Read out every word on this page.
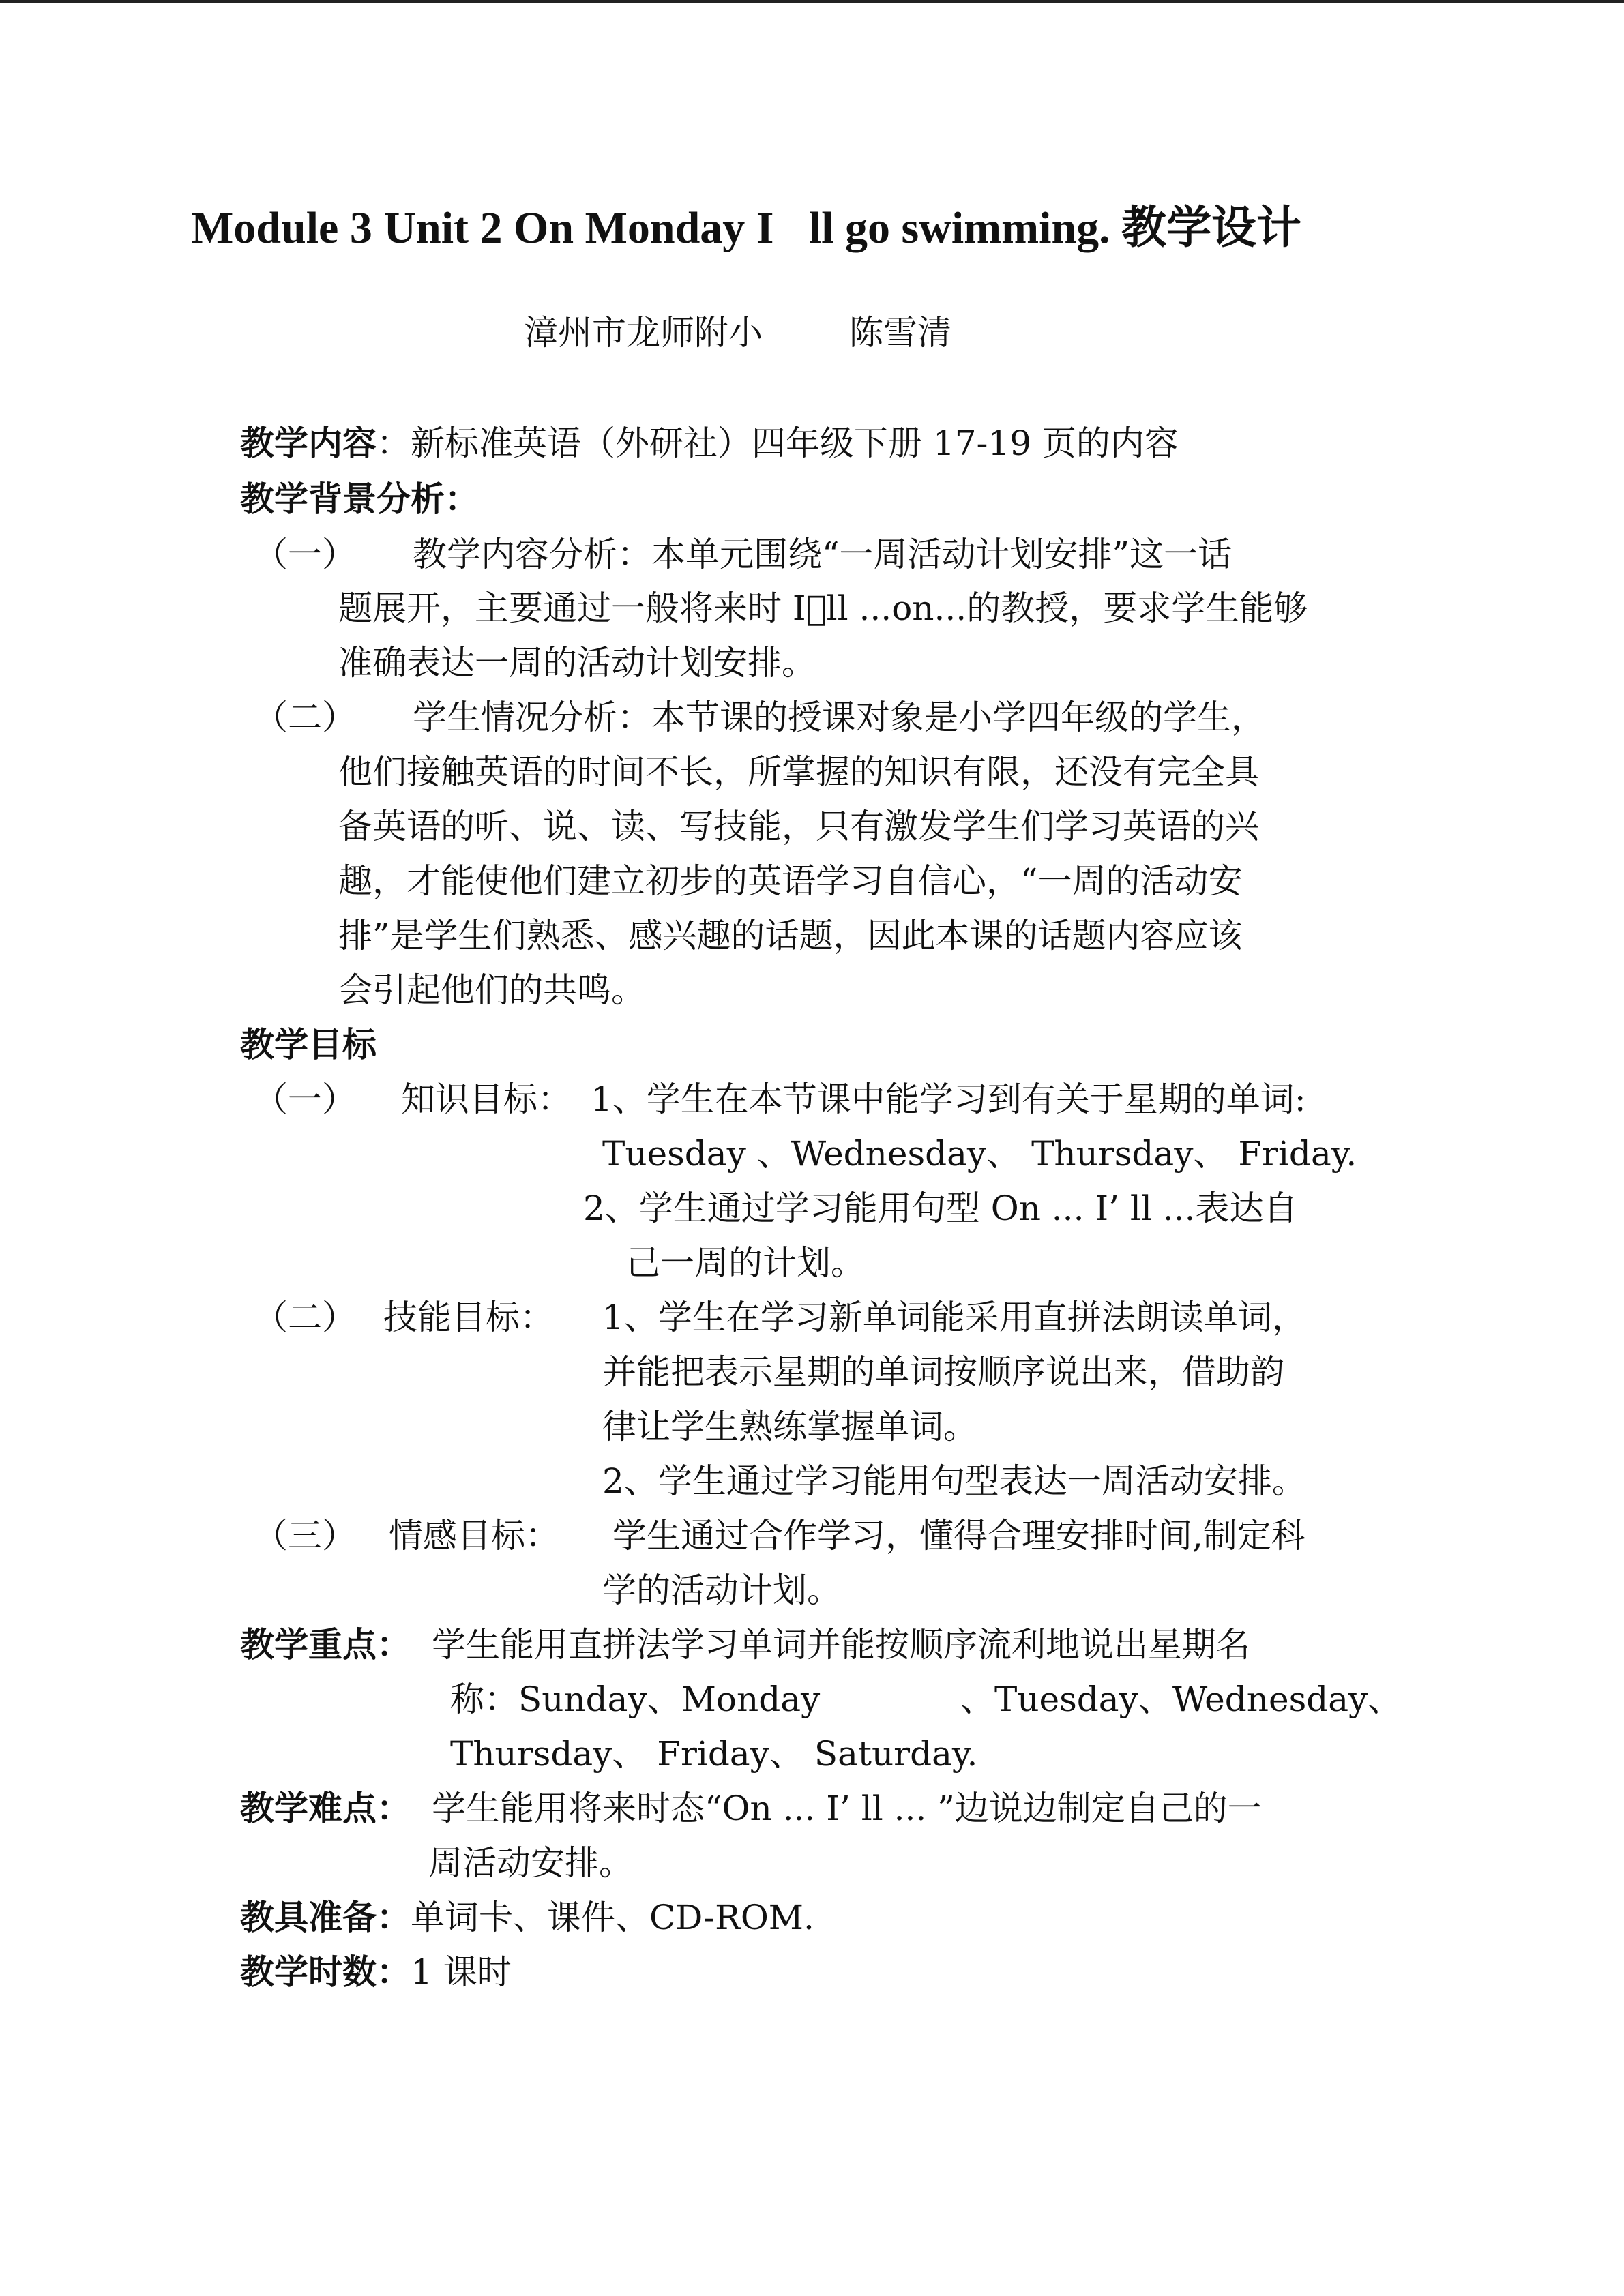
Module 3 Unit 2 On Monday I ll go swimming. 教学设计
漳州市龙师附小	陈雪清
教学内容：新标准英语（外研社）四年级下册 17-19 页的内容
教学背景分析：
（一） 教学内容分析：本单元围绕“一周活动计划安排”这一话
题展开，主要通过一般将来时 I ll ...on...的教授，要求学生能够
准确表达一周的活动计划安排。
（二） 学生情况分析：本节课的授课对象是小学四年级的学生，
他们接触英语的时间不长，所掌握的知识有限，还没有完全具
备英语的听、说、读、写技能，只有激发学生们学习英语的兴
趣，才能使他们建立初步的英语学习自信心，“一周的活动安
排”是学生们熟悉、感兴趣的话题，因此本课的话题内容应该
会引起他们的共鸣。
教学目标
（一） 知识目标： 1、学生在本节课中能学习到有关于星期的单词:
Tuesday 、Wednesday、 Thursday、 Friday.
2、学生通过学习能用句型 On ... I’ ll ...表达自
己一周的计划。
（二） 技能目标： 1、学生在学习新单词能采用直拼法朗读单词，
并能把表示星期的单词按顺序说出来，借助韵
律让学生熟练掌握单词。
2、学生通过学习能用句型表达一周活动安排。
（三） 情感目标： 学生通过合作学习，懂得合理安排时间,制定科
学的活动计划。
教学重点： 学生能用直拼法学习单词并能按顺序流利地说出星期名
称：Sunday、Monday	、Tuesday、Wednesday、
Thursday、 Friday、 Saturday.
教学难点： 学生能用将来时态“On ... I’ ll ... ”边说边制定自己的一
周活动安排。
教具准备：单词卡、课件、CD-ROM.
教学时数：1 课时
